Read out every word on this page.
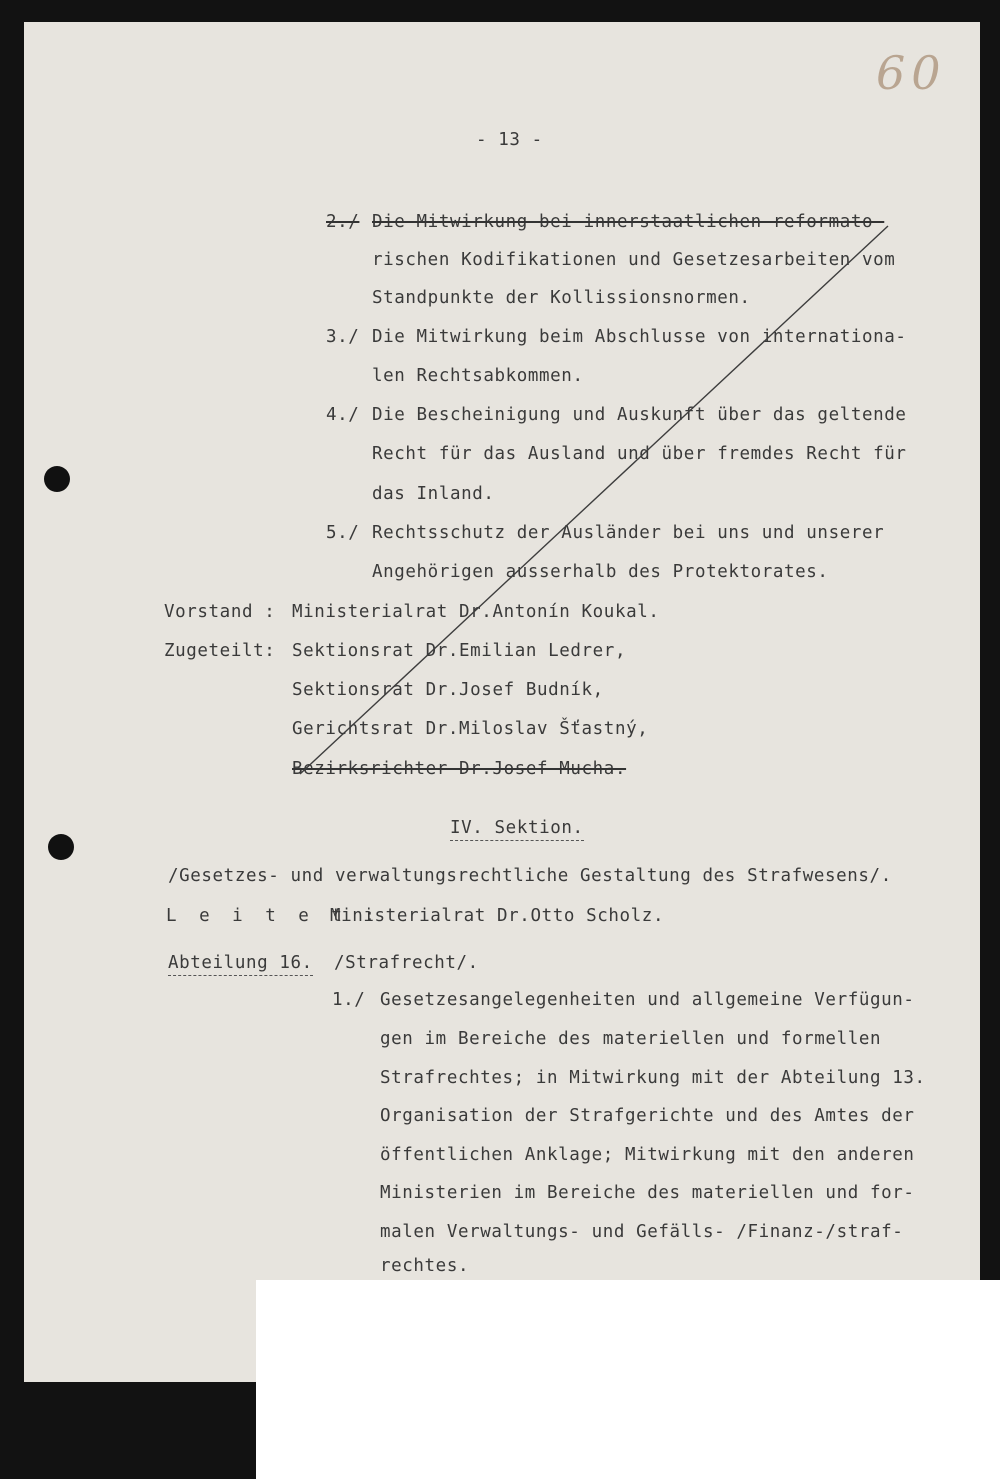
60
- 13 -
2./ Die Mitwirkung bei innerstaatlichen reformato-
rischen Kodifikationen und Gesetzesarbeiten vom
Standpunkte der Kollissionsnormen.
3./ Die Mitwirkung beim Abschlusse von internationa-
len Rechtsabkommen.
4./ Die Bescheinigung und Auskunft über das geltende
Recht für das Ausland und über fremdes Recht für
das Inland.
5./ Rechtsschutz der Ausländer bei uns und unserer
Angehörigen ausserhalb des Protektorates.
Vorstand : Ministerialrat Dr.Antonín Koukal.
Zugeteilt: Sektionsrat Dr.Emilian Ledrer,
Sektionsrat Dr.Josef Budník,
Gerichtsrat Dr.Miloslav Šťastný,
Bezirksrichter Dr.Josef Mucha.
IV. Sektion.
/Gesetzes- und verwaltungsrechtliche Gestaltung des Strafwesens/.
L e i t e t :
Ministerialrat Dr.Otto Scholz.
Abteilung 16. /Strafrecht/.
1./ Gesetzesangelegenheiten und allgemeine Verfügun-
gen im Bereiche des materiellen und formellen
Strafrechtes; in Mitwirkung mit der Abteilung 13.
Organisation der Strafgerichte und des Amtes der
öffentlichen Anklage; Mitwirkung mit den anderen
Ministerien im Bereiche des materiellen und for-
malen Verwaltungs- und Gefälls- /Finanz-/straf-
rechtes.
